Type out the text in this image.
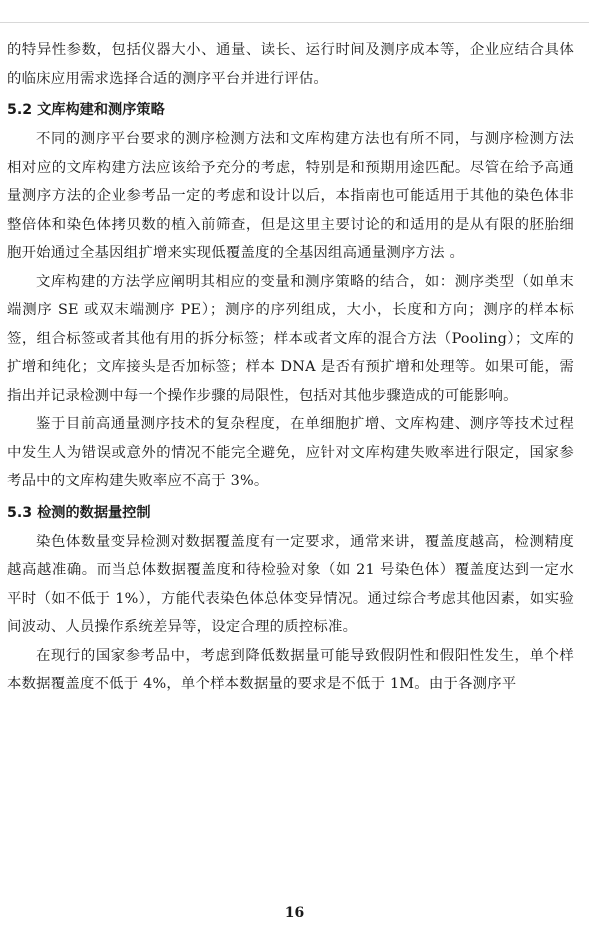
的特异性参数，包括仪器大小、通量、读长、运行时间及测序成本等，企业应结合具体的临床应用需求选择合适的测序平台并进行评估。

5.2 文库构建和测序策略

不同的测序平台要求的测序检测方法和文库构建方法也有所不同，与测序检测方法相对应的文库构建方法应该给予充分的考虑，特别是和预期用途匹配。尽管在给予高通量测序方法的企业参考品一定的考虑和设计以后，本指南也可能适用于其他的染色体非整倍体和染色体拷贝数的植入前筛查，但是这里主要讨论的和适用的是从有限的胚胎细胞开始通过全基因组扩增来实现低覆盖度的全基因组高通量测序方法 。

文库构建的方法学应阐明其相应的变量和测序策略的结合，如：测序类型（如单末端测序 SE 或双末端测序 PE）；测序的序列组成，大小，长度和方向；测序的样本标签，组合标签或者其他有用的拆分标签；样本或者文库的混合方法（Pooling）；文库的扩增和纯化；文库接头是否加标签；样本 DNA 是否有预扩增和处理等。如果可能，需指出并记录检测中每一个操作步骤的局限性，包括对其他步骤造成的可能影响。

鉴于目前高通量测序技术的复杂程度，在单细胞扩增、文库构建、测序等技术过程中发生人为错误或意外的情况不能完全避免，应针对文库构建失败率进行限定，国家参考品中的文库构建失败率应不高于 3%。

5.3 检测的数据量控制

染色体数量变异检测对数据覆盖度有一定要求，通常来讲，覆盖度越高，检测精度越高越准确。而当总体数据覆盖度和待检验对象（如 21 号染色体）覆盖度达到一定水平时（如不低于 1%），方能代表染色体总体变异情况。通过综合考虑其他因素，如实验间波动、人员操作系统差异等，设定合理的质控标准。

在现行的国家参考品中，考虑到降低数据量可能导致假阴性和假阳性发生，单个样本数据覆盖度不低于 4%，单个样本数据量的要求是不低于 1M。由于各测序平

16
